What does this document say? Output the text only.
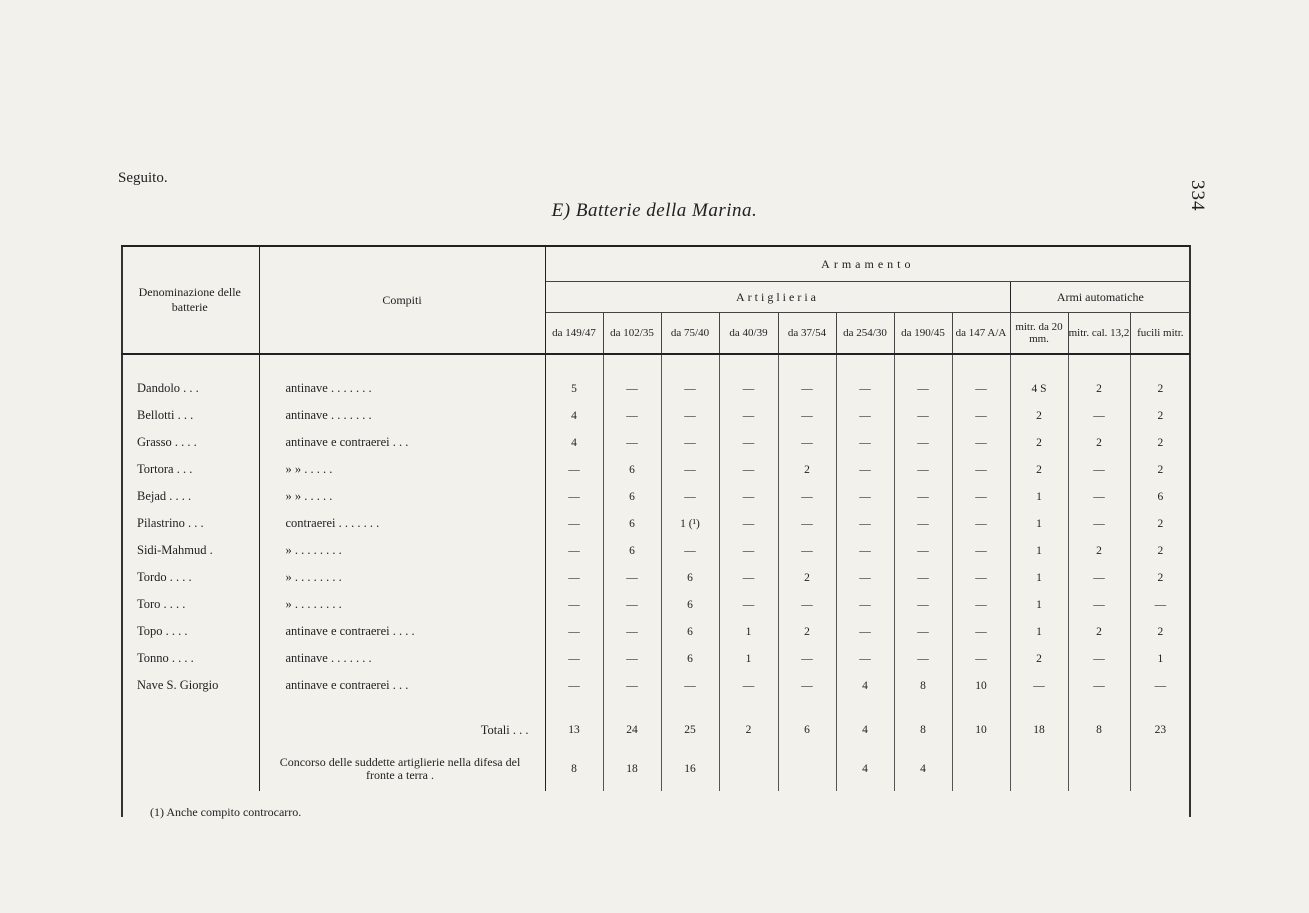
Seguito.
334
E) Batterie della Marina.
Denominazione delle batterie	Compiti	Armamento										
		Artiglieria								Armi automatiche		
		da 149/47	da 102/35	da 75/40	da 40/39	da 37/54	da 254/30	da 190/45	da 147 A/A	mitr. da 20 mm.	mitr. cal. 13,2	fucili mitr.

Dandolo . . .	antinave . . . . . . .	5	—	—	—	—	—	—	—	4 S	2	2
Bellotti . . .	antinave . . . . . . .	4	—	—	—	—	—	—	—	2	—	2
Grasso . . . .	antinave e contraerei . . .	4	—	—	—	—	—	—	—	2	2	2
Tortora . . .	» » . . . . .	—	6	—	—	2	—	—	—	2	—	2
Bejad . . . .	» » . . . . .	—	6	—	—	—	—	—	—	1	—	6
Pilastrino . . .	contraerei . . . . . . .	—	6	1 (¹)	—	—	—	—	—	1	—	2
Sidi-Mahmud .	» . . . . . . . .	—	6	—	—	—	—	—	—	1	2	2
Tordo . . . .	» . . . . . . . .	—	—	6	—	2	—	—	—	1	—	2
Toro . . . .	» . . . . . . . .	—	—	6	—	—	—	—	—	1	—	—
Topo . . . .	antinave e contraerei . . . .	—	—	6	1	2	—	—	—	1	2	2
Tonno . . . .	antinave . . . . . . .	—	—	6	1	—	—	—	—	2	—	1
Nave S. Giorgio	antinave e contraerei . . .	—	—	—	—	—	4	8	10	—	—	—

	Totali . . .	13	24	25	2	6	4	8	10	18	8	23
	Concorso delle suddette artiglierie nella difesa del fronte a terra .	8	18	16			4	4				
(1) Anche compito controcarro.
